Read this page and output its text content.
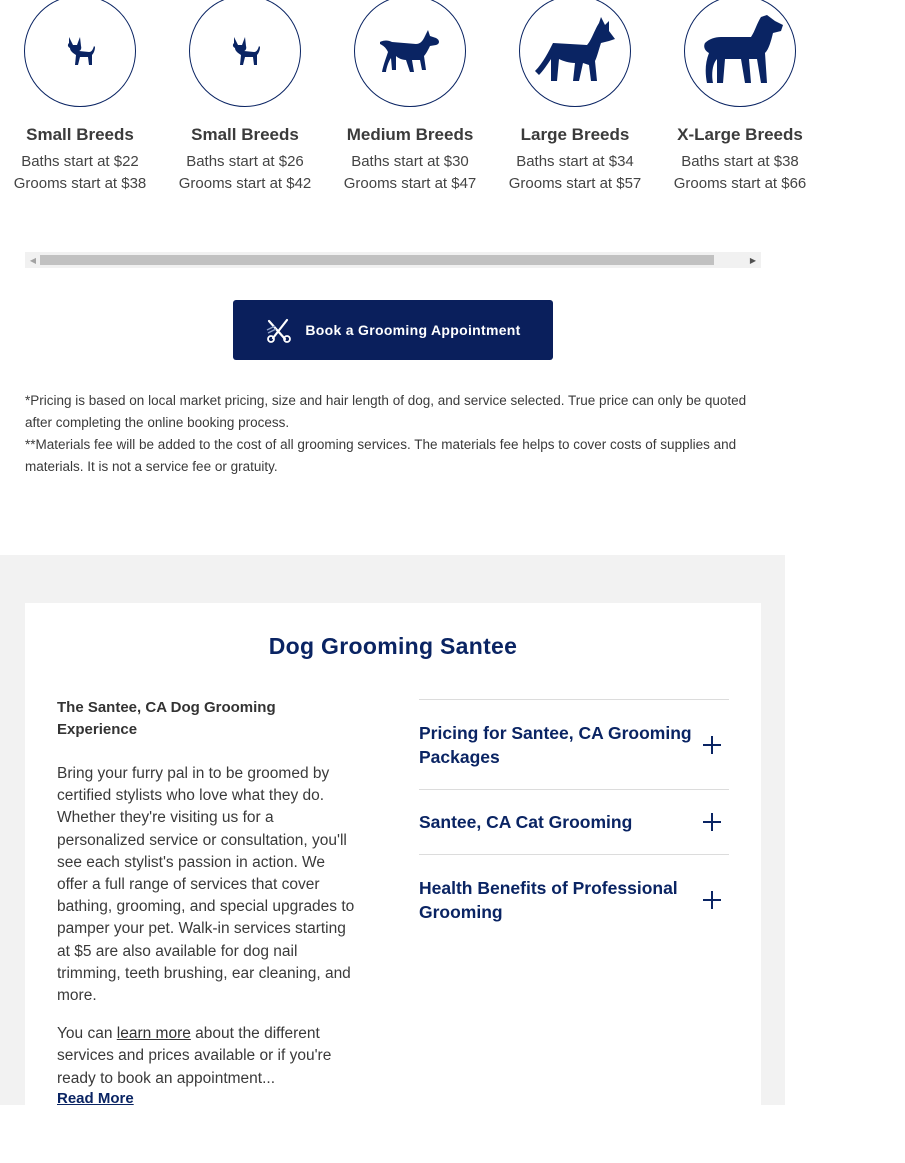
Small Breeds
Baths start at $22
Grooms start at $38
Small Breeds
Baths start at $26
Grooms start at $42
Medium Breeds
Baths start at $30
Grooms start at $47
Large Breeds
Baths start at $34
Grooms start at $57
X-Large Breeds
Baths start at $38
Grooms start at $66
◀	▶
Book a Grooming Appointment

*Pricing is based on local market pricing, size and hair length of dog, and service selected. True price can only be quoted after completing the online booking process.

**Materials fee will be added to the cost of all grooming services. The materials fee helps to cover costs of supplies and materials. It is not a service fee or gratuity.

Dog Grooming Santee
The Santee, CA Dog Grooming Experience

Bring your furry pal in to be groomed by certified stylists who love what they do. Whether they're visiting us for a personalized service or consultation, you'll see each stylist's passion in action. We offer a full range of services that cover bathing, grooming, and special upgrades to pamper your pet. Walk-in services starting at $5 are also available for dog nail trimming, teeth brushing, ear cleaning, and more.

You can learn more about the different services and prices available or if you're ready to book an appointment...

Read More
Pricing for Santee, CA Grooming Packages
Santee, CA Cat Grooming
Health Benefits of Professional Grooming
